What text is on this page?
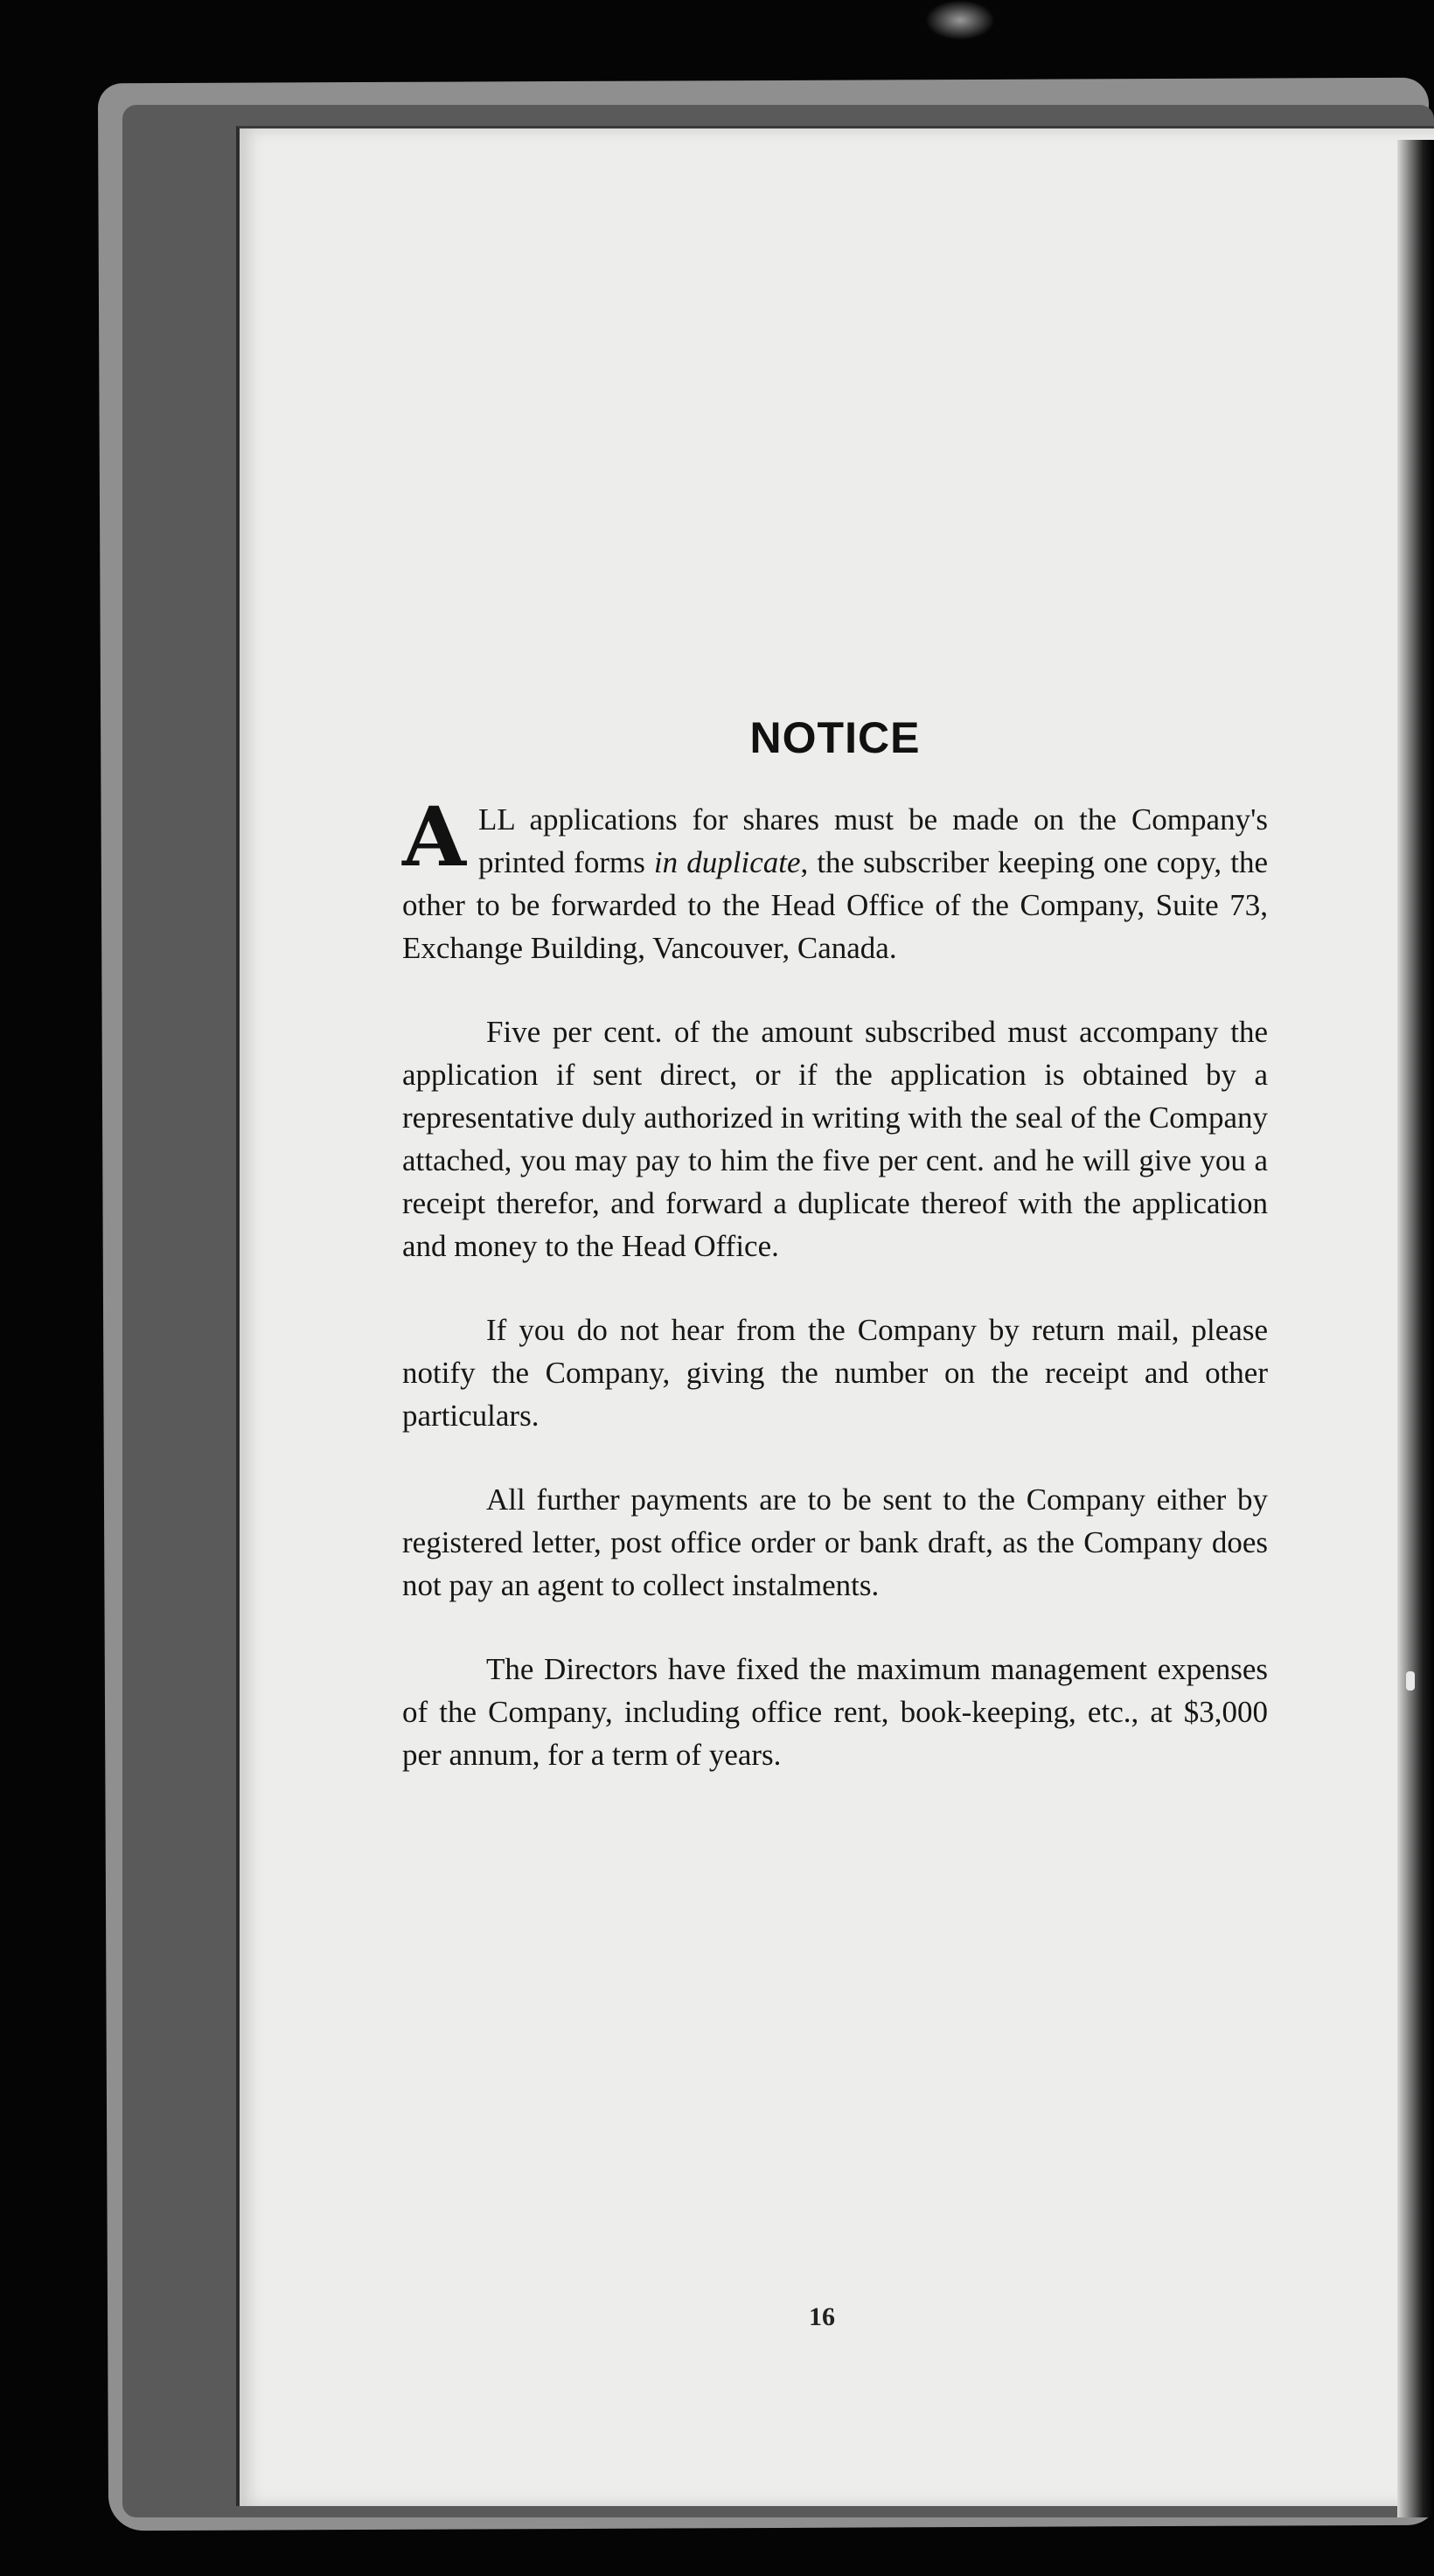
NOTICE

ALL applications for shares must be made on the Company's printed forms in duplicate, the subscriber keeping one copy, the other to be forwarded to the Head Office of the Company, Suite 73, Exchange Building, Vancouver, Canada.

Five per cent. of the amount subscribed must accompany the application if sent direct, or if the application is obtained by a representative duly authorized in writing with the seal of the Company attached, you may pay to him the five per cent. and he will give you a receipt therefor, and forward a duplicate thereof with the application and money to the Head Office.

If you do not hear from the Company by return mail, please notify the Company, giving the number on the receipt and other particulars.

All further payments are to be sent to the Company either by registered letter, post office order or bank draft, as the Company does not pay an agent to collect instalments.

The Directors have fixed the maximum management expenses of the Company, including office rent, book-keeping, etc., at $3,000 per annum, for a term of years.

16
